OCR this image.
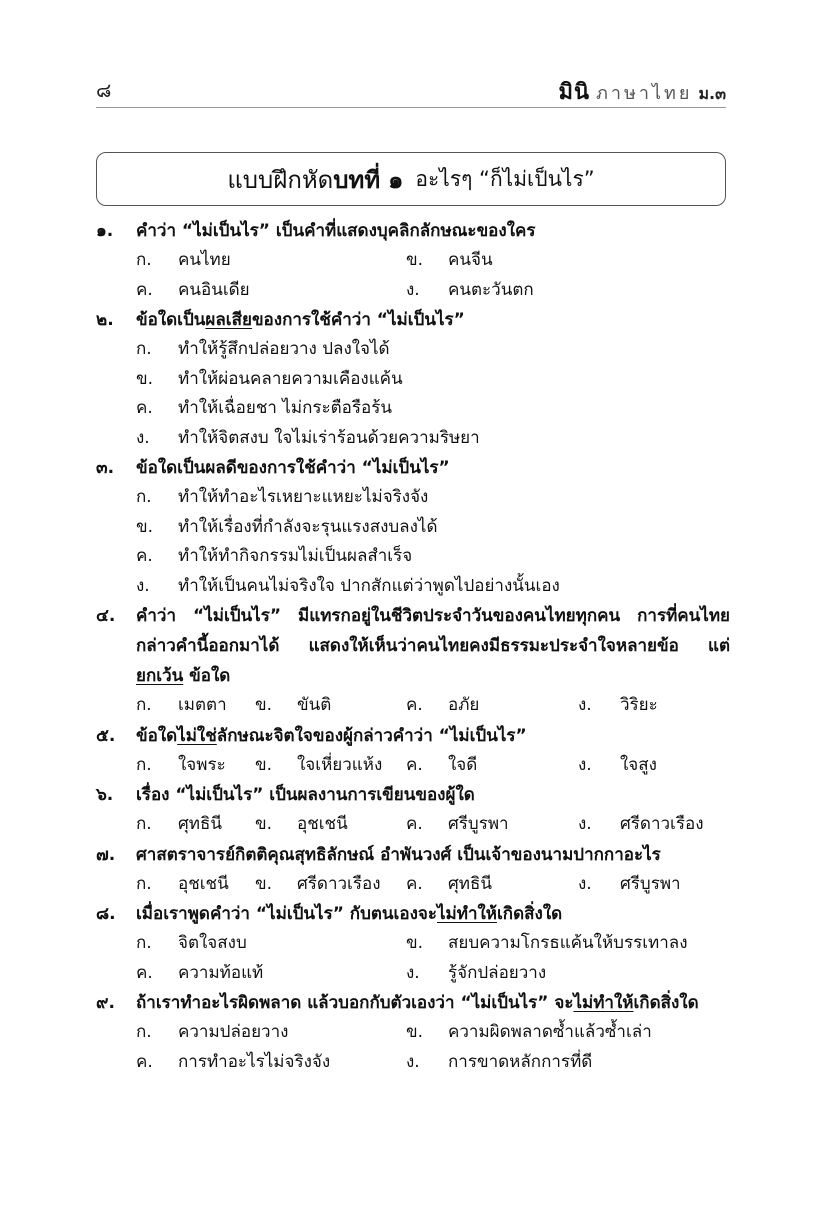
๘	มินิ ภาษาไทย ม.๓
แบบฝึกหัด บทที่ ๑ อะไรๆ “ก็ไม่เป็นไร”
๑.	คำว่า “ไม่เป็นไร” เป็นคำที่แสดงบุคลิกลักษณะของใคร
ก.	คนไทย	ข.	คนจีน
ค.	คนอินเดีย	ง.	คนตะวันตก
๒.	ข้อใดเป็นผลเสียของการใช้คำว่า “ไม่เป็นไร”
ก.	ทำให้รู้สึกปล่อยวาง ปลงใจได้
ข.	ทำให้ผ่อนคลายความเคืองแค้น
ค.	ทำให้เฉื่อยชา ไม่กระตือรือร้น
ง.	ทำให้จิตสงบ ใจไม่เร่าร้อนด้วยความริษยา
๓.	ข้อใดเป็นผลดีของการใช้คำว่า “ไม่เป็นไร”
ก.	ทำให้ทำอะไรเหยาะแหยะไม่จริงจัง
ข.	ทำให้เรื่องที่กำลังจะรุนแรงสงบลงได้
ค.	ทำให้ทำกิจกรรมไม่เป็นผลสำเร็จ
ง.	ทำให้เป็นคนไม่จริงใจ ปากสักแต่ว่าพูดไปอย่างนั้นเอง
๔.	คำว่า “ไม่เป็นไร” มีแทรกอยู่ในชีวิตประจำวันของคนไทยทุกคน การที่คนไทย กล่าวคำนี้ออกมาได้ แสดงให้เห็นว่าคนไทยคงมีธรรมะประจำใจหลายข้อ แต่ยกเว้น ข้อใด
ก.	เมตตา ข.	ขันติ	ค.	อภัย	ง.	วิริยะ
๕.	ข้อใดไม่ใช่ลักษณะจิตใจของผู้กล่าวคำว่า “ไม่เป็นไร”
ก.	ใจพระ ข.	ใจเหี่ยวแห้ง ค.	ใจดี	ง.	ใจสูง
๖.	เรื่อง “ไม่เป็นไร” เป็นผลงานการเขียนของผู้ใด
ก.	ศุทธินี ข.	อุชเชนี	ค.	ศรีบูรพา	ง.	ศรีดาวเรือง
๗.	ศาสตราจารย์กิตติคุณสุทธิลักษณ์ อำพันวงศ์ เป็นเจ้าของนามปากกาอะไร
ก.	อุชเชนี ข.	ศรีดาวเรือง ค.	ศุทธินี	ง.	ศรีบูรพา
๘.	เมื่อเราพูดคำว่า “ไม่เป็นไร” กับตนเองจะไม่ทำให้เกิดสิ่งใด
ก.	จิตใจสงบ	ข.	สยบความโกรธแค้นให้บรรเทาลง
ค.	ความท้อแท้	ง.	รู้จักปล่อยวาง
๙.	ถ้าเราทำอะไรผิดพลาด แล้วบอกกับตัวเองว่า “ไม่เป็นไร” จะไม่ทำให้เกิดสิ่งใด
ก.	ความปล่อยวาง	ข.	ความผิดพลาดซ้ำแล้วซ้ำเล่า
ค.	การทำอะไรไม่จริงจัง	ง.	การขาดหลักการที่ดี
